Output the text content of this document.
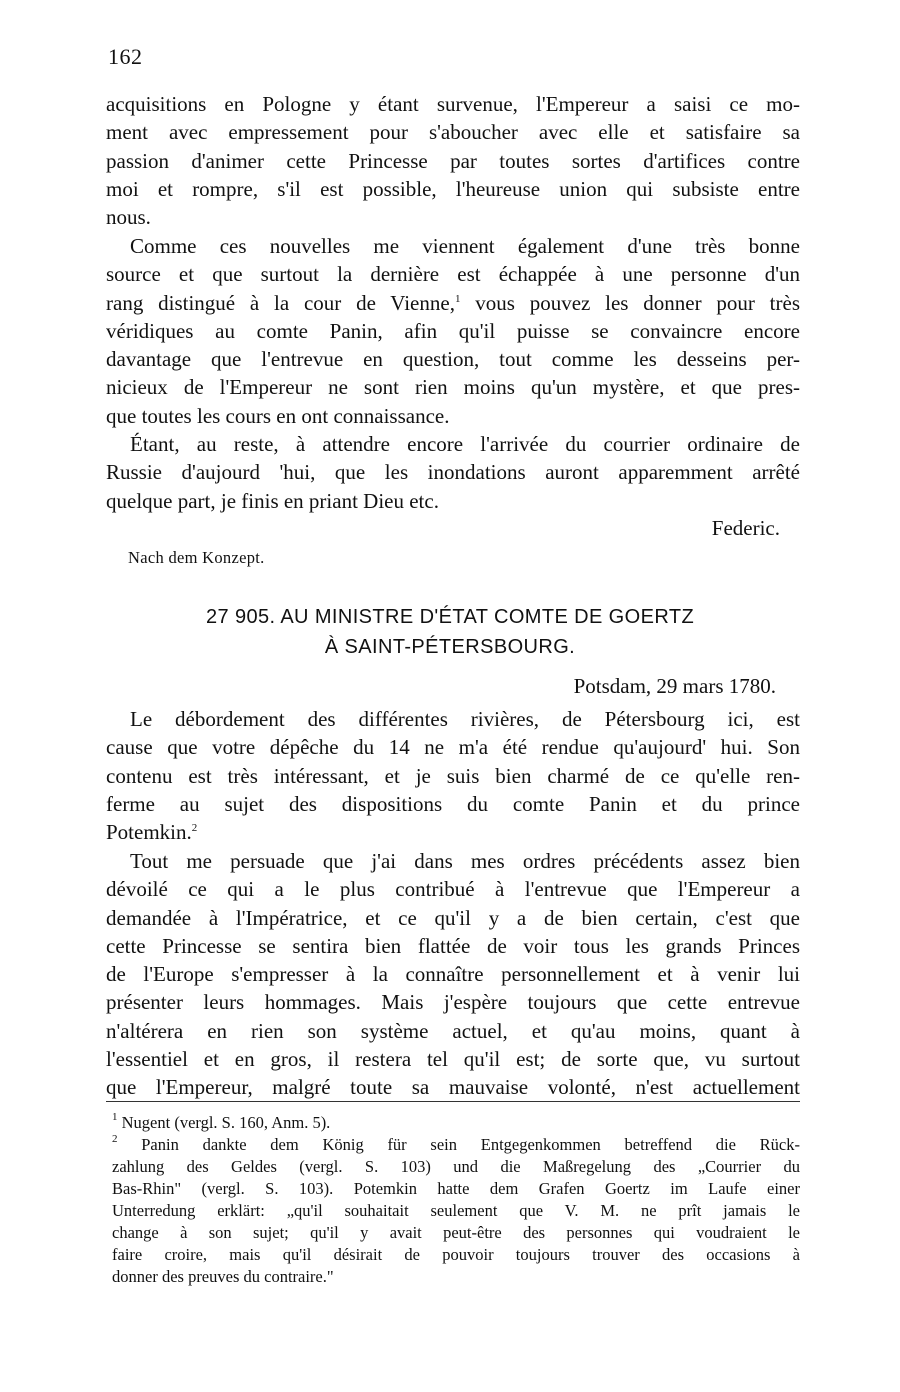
162
acquisitions en Pologne y étant survenue, l'Empereur a saisi ce mo-
ment avec empressement pour s'aboucher avec elle et satisfaire sa
passion d'animer cette Princesse par toutes sortes d'artifices contre
moi et rompre, s'il est possible, l'heureuse union qui subsiste entre
nous.
Comme ces nouvelles me viennent également d'une très bonne
source et que surtout la dernière est échappée à une personne d'un
rang distingué à la cour de Vienne,$^1$ vous pouvez les donner pour très
véridiques au comte Panin, afin qu'il puisse se convaincre encore
davantage que l'entrevue en question, tout comme les desseins per-
nicieux de l'Empereur ne sont rien moins qu'un mystère, et que pres-
que toutes les cours en ont connaissance.
Étant, au reste, à attendre encore l'arrivée du courrier ordinaire de
Russie d'aujourd 'hui, que les inondations auront apparemment arrêté
quelque part, je finis en priant Dieu etc.
Federic.
Nach dem Konzept.
27 905. AU MINISTRE D'ÉTAT COMTE DE GOERTZ
À SAINT-PÉTERSBOURG.
Potsdam, 29 mars 1780.
Le débordement des différentes rivières, de Pétersbourg ici, est
cause que votre dépêche du 14 ne m'a été rendue qu'aujourd' hui. Son
contenu est très intéressant, et je suis bien charmé de ce qu'elle ren-
ferme au sujet des dispositions du comte Panin et du prince
Potemkin.$^2$
Tout me persuade que j'ai dans mes ordres précédents assez bien
dévoilé ce qui a le plus contribué à l'entrevue que l'Empereur a
demandée à l'Impératrice, et ce qu'il y a de bien certain, c'est que
cette Princesse se sentira bien flattée de voir tous les grands Princes
de l'Europe s'empresser à la connaître personnellement et à venir lui
présenter leurs hommages. Mais j'espère toujours que cette entrevue
n'altérera en rien son système actuel, et qu'au moins, quant à
l'essentiel et en gros, il restera tel qu'il est; de sorte que, vu surtout
que l'Empereur, malgré toute sa mauvaise volonté, n'est actuellement
$^1$ Nugent (vergl. S. 160, Anm. 5).
$^2$ Panin dankte dem König für sein Entgegenkommen betreffend die Rück-
zahlung des Geldes (vergl. S. 103) und die Maßregelung des „Courrier du
Bas-Rhin" (vergl. S. 103). Potemkin hatte dem Grafen Goertz im Laufe einer
Unterredung erklärt: „qu'il souhaitait seulement que V. M. ne prît jamais le
change à son sujet; qu'il y avait peut-être des personnes qui voudraient le
faire croire, mais qu'il désirait de pouvoir toujours trouver des occasions à
donner des preuves du contraire."
